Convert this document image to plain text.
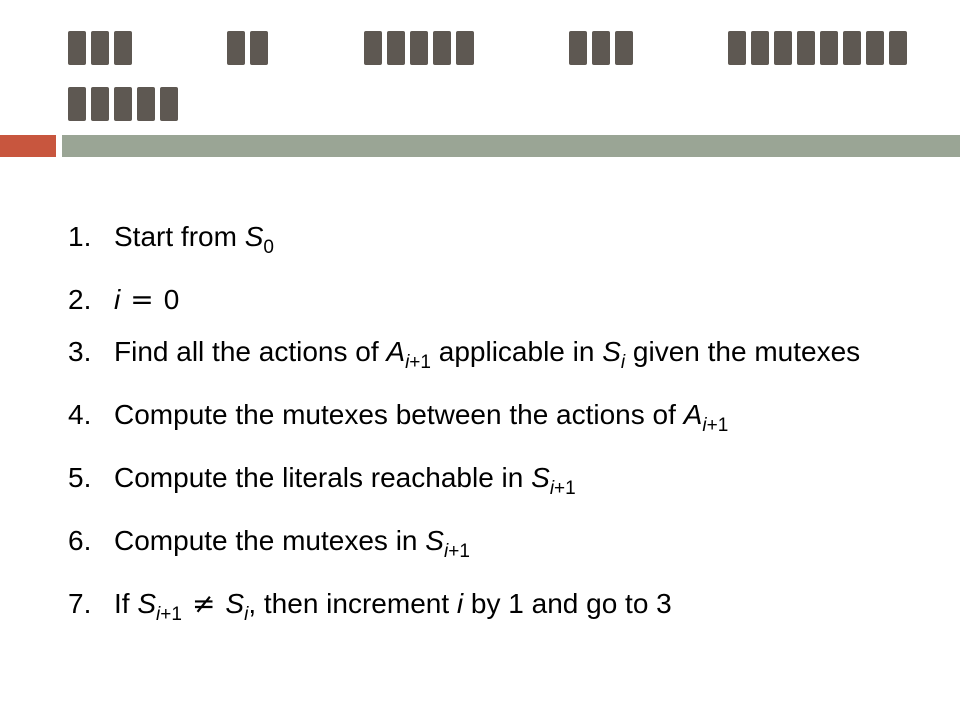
1. Start from $S_0$
2. i = 0
3. Find all the actions of $A_{i+1}$ applicable in $S_i$ given the mutexes
4. Compute the mutexes between the actions of $A_{i+1}$
5. Compute the literals reachable in $S_{i+1}$
6. Compute the mutexes in $S_{i+1}$
7. If $S_{i+1} \ne S_i$, then increment i by 1 and go to 3
